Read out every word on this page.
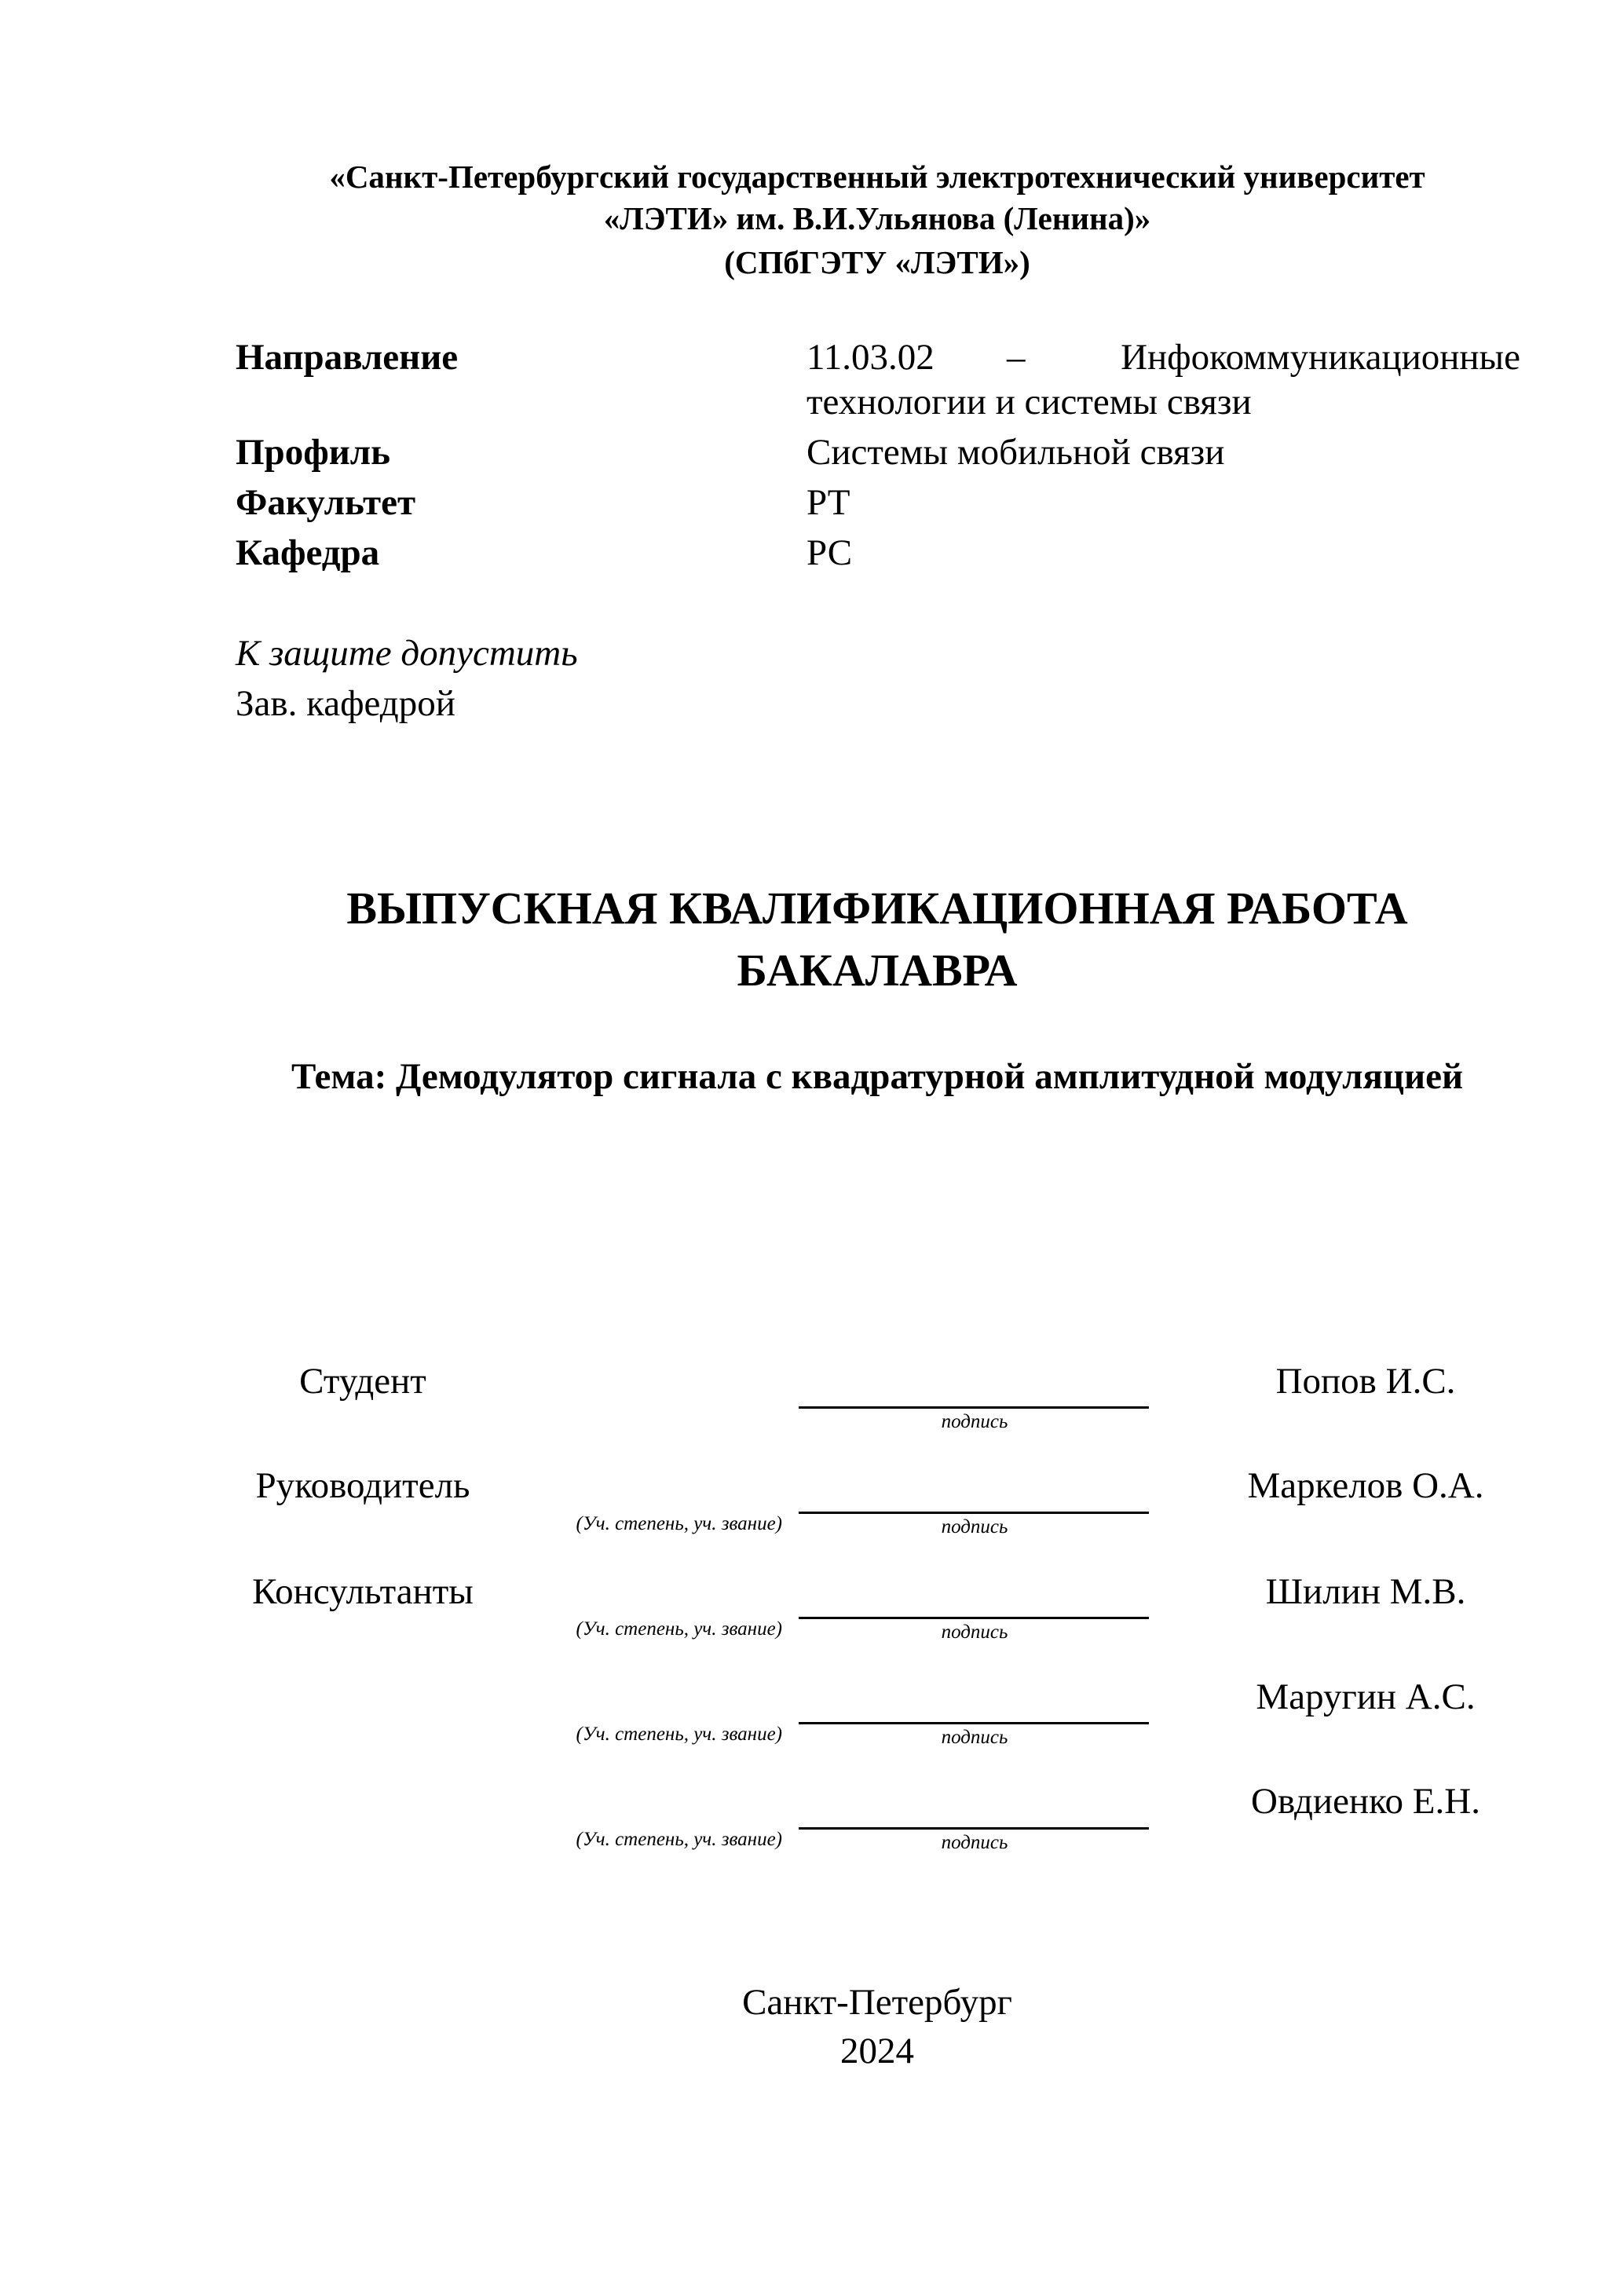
«Санкт-Петербургский государственный электротехнический университет
«ЛЭТИ» им. В.И.Ульянова (Ленина)»
(СПбГЭТУ «ЛЭТИ»)
Направление	11.03.02 –	Инфокоммуникационные
технологии и системы связи
Профиль	Системы мобильной связи
Факультет	РТ
Кафедра	РС
К защите допустить
Зав. кафедрой
ВЫПУСКНАЯ КВАЛИФИКАЦИОННАЯ РАБОТА
БАКАЛАВРА
Тема: Демодулятор сигнала с квадратурной амплитудной модуляцией
Студент	Попов И.С.
подпись
Руководитель	Маркелов О.А.
(Уч. степень, уч. звание)	подпись
Консультанты	Шилин М.В.
(Уч. степень, уч. звание)	подпись
Маругин А.С.
(Уч. степень, уч. звание)	подпись
Овдиенко Е.Н.
(Уч. степень, уч. звание)	подпись
Санкт-Петербург
2024
